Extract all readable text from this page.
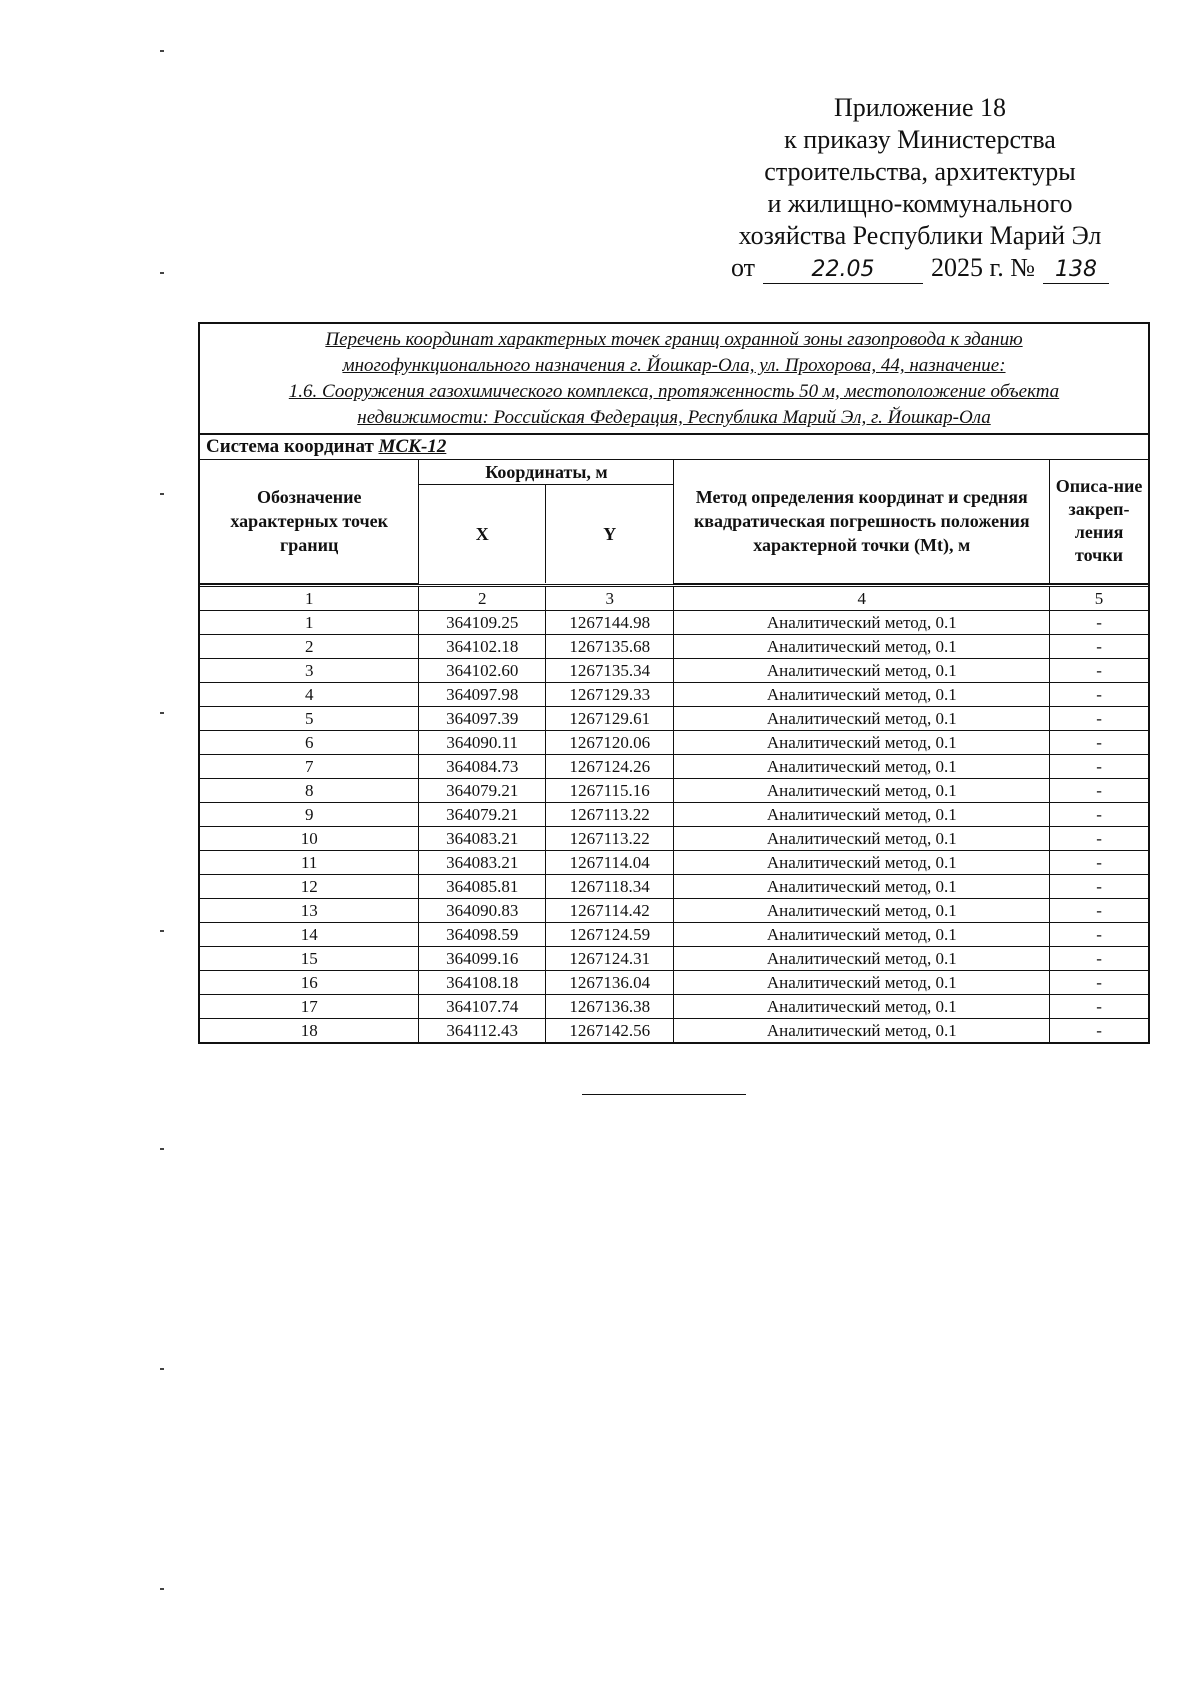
Приложение 18
к приказу Министерства
строительства, архитектуры
и жилищно-коммунального
хозяйства Республики Марий Эл
от	22.05	2025 г. № 138
Перечень координат характерных точек границ охранной зоны газопровода к зданию
многофункционального назначения г. Йошкар-Ола, ул. Прохорова, 44, назначение:
1.6. Сооружения газохимического комплекса, протяженность 50 м, местоположение объекта
недвижимости: Российская Федерация, Республика Марий Эл, г. Йошкар-Ола
Система координат МСК-12
Обозначение характерных точек границ	Координаты, м		Метод определения координат и средняя квадратическая погрешность положения характерной точки (Mt), м	Описа-ние закреп-ления точки
	X	Y		
1	2	3	4	5
1	364109.25	1267144.98	Аналитический метод, 0.1	-
2	364102.18	1267135.68	Аналитический метод, 0.1	-
3	364102.60	1267135.34	Аналитический метод, 0.1	-
4	364097.98	1267129.33	Аналитический метод, 0.1	-
5	364097.39	1267129.61	Аналитический метод, 0.1	-
6	364090.11	1267120.06	Аналитический метод, 0.1	-
7	364084.73	1267124.26	Аналитический метод, 0.1	-
8	364079.21	1267115.16	Аналитический метод, 0.1	-
9	364079.21	1267113.22	Аналитический метод, 0.1	-
10	364083.21	1267113.22	Аналитический метод, 0.1	-
11	364083.21	1267114.04	Аналитический метод, 0.1	-
12	364085.81	1267118.34	Аналитический метод, 0.1	-
13	364090.83	1267114.42	Аналитический метод, 0.1	-
14	364098.59	1267124.59	Аналитический метод, 0.1	-
15	364099.16	1267124.31	Аналитический метод, 0.1	-
16	364108.18	1267136.04	Аналитический метод, 0.1	-
17	364107.74	1267136.38	Аналитический метод, 0.1	-
18	364112.43	1267142.56	Аналитический метод, 0.1	-
